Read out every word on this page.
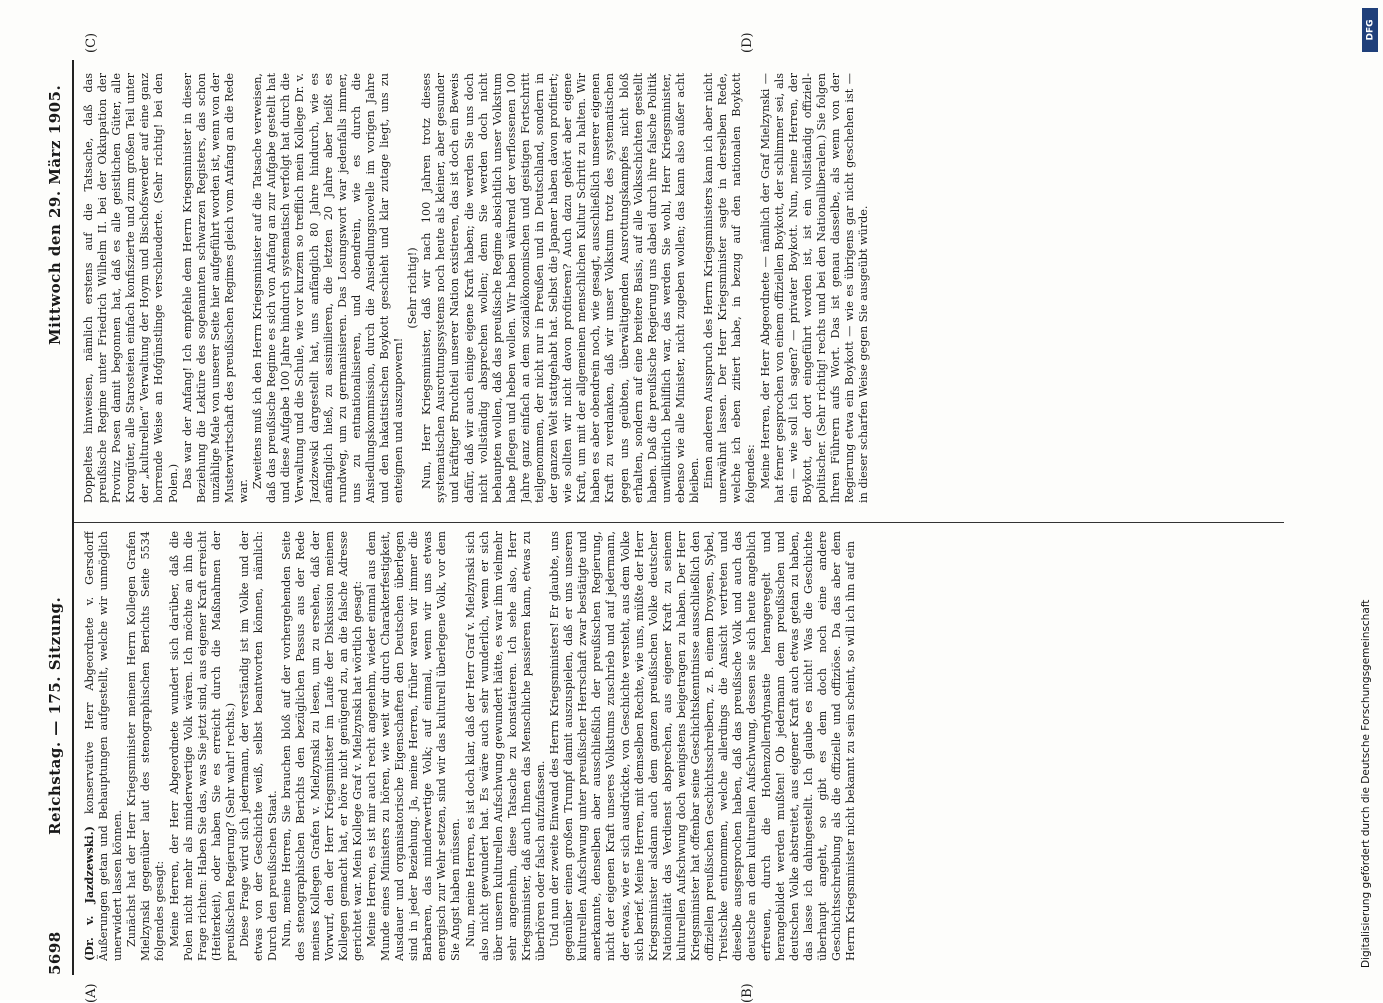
5698
Reichstag. — 175. Sitzung.
Mittwoch den 29. März 1905.
(A)	(B)
(C)	(D)

(Dr. v. Jazdzewski.) konservative Herr Abgeordnete v. Gersdorff Äußerungen getan und Behauptungen aufgestellt, welche wir unmöglich unerwidert lassen können. Zunächst hat der Herr Kriegsminister meinem Herrn Kollegen Grafen Mielzynski gegenüber laut des stenographischen Berichts Seite 5534 folgendes gesagt: Meine Herren, der Herr Abgeordnete wundert sich darüber, daß die Polen nicht mehr als minderwertige Volk wären. Ich möchte an ihn die Frage richten: Haben Sie das, was Sie jetzt sind, aus eigener Kraft erreicht (Heiterkeit), oder haben Sie es erreicht durch die Maßnahmen der preußischen Regierung? (Sehr wahr! rechts.) Diese Frage wird sich jedermann, der verständig ist im Volke und der etwas von der Geschichte weiß, selbst beantworten können, nämlich: Durch den preußischen Staat. Nun, meine Herren, Sie brauchen bloß auf der vorhergehenden Seite des stenographischen Berichts den bezüglichen Passus aus der Rede meines Kollegen Grafen v. Mielzynski zu lesen, um zu ersehen, daß der Vorwurf, den der Herr Kriegsminister im Laufe der Diskussion meinem Kollegen gemacht hat, er höre nicht genügend zu, an die falsche Adresse gerichtet war. Mein Kollege Graf v. Mielzynski hat wörtlich gesagt: Meine Herren, es ist mir auch recht angenehm, wieder einmal aus dem Munde eines Ministers zu hören, wie weit wir durch Charakterfestigkeit, Ausdauer und organisatorische Eigenschaften den Deutschen überlegen sind in jeder Beziehung. Ja, meine Herren, früher waren wir immer die Barbaren, das minderwertige Volk; auf einmal, wenn wir uns etwas energisch zur Wehr setzen, sind wir das kulturell überlegene Volk, vor dem Sie Angst haben müssen. Nun, meine Herren, es ist doch klar, daß der Herr Graf v. Mielzynski sich also nicht gewundert hat. Es wäre auch sehr wunderlich, wenn er sich über unsern kulturellen Aufschwung gewundert hätte, es war ihm vielmehr sehr angenehm, diese Tatsache zu konstatieren. Ich sehe also, Herr Kriegsminister, daß auch Ihnen das Menschliche passieren kann, etwas zu überhören oder falsch aufzufassen. Und nun der zweite Einwand des Herrn Kriegsministers! Er glaubte, uns gegenüber einen großen Trumpf damit auszuspielen, daß er uns unseren kulturellen Aufschwung unter preußischer Herrschaft zwar bestätigte und anerkannte, denselben aber ausschließlich der preußischen Regierung, nicht der eigenen Kraft unseres Volkstums zuschrieb und auf jedermann, der etwas, wie er sich ausdrückte, von Geschichte versteht, aus dem Volke sich berief. Meine Herren, mit demselben Rechte, wie uns, müßte der Herr Kriegsminister alsdann auch dem ganzen preußischen Volke deutscher Nationalität das Verdienst absprechen, aus eigener Kraft zu seinem kulturellen Aufschwung doch wenigstens beigetragen zu haben. Der Herr Kriegsminister hat offenbar seine Geschichtskenntnisse ausschließlich den offiziellen preußischen Geschichtsschreibern, z. B. einem Droysen, Sybel, Treitschke entnommen, welche allerdings die Ansicht vertreten und dieselbe ausgesprochen haben, daß das preußische Volk und auch das deutsche an dem kulturellen Aufschwung, dessen sie sich heute angeblich erfreuen, durch die Hohenzollerndynastie herangeregelt und herangebildet werden mußten! Ob jedermann dem preußischen und deutschen Volke abstreitet, aus eigener Kraft auch etwas getan zu haben, das lasse ich dahingestellt. Ich glaube es nicht! Was die Geschichte überhaupt angeht, so gibt es dem doch noch eine andere Geschichtsschreibung als die offizielle und offiziöse. Da das aber dem Herrn Kriegsminister nicht bekannt zu sein scheint, so will ich ihn auf ein

Doppeltes hinweisen, nämlich erstens auf die Tatsache, daß das preußische Regime unter Friedrich Wilhelm II. bei der Okkupation der Provinz Posen damit begonnen hat, daß es alle geistlichen Güter, alle Krongüter, alle Starosteien einfach konfiszierte und zum großen Teil unter der „kulturellen“ Verwaltung der Hoym und Bischofswerder auf eine ganz horrende Weise an Hofgünstlinge verschleuderte. (Sehr richtig! bei den Polen.) Das war der Anfang! Ich empfehle dem Herrn Kriegsminister in dieser Beziehung die Lektüre des sogenannten schwarzen Registers, das schon unzählige Male von unserer Seite hier aufgeführt worden ist, wenn von der Musterwirtschaft des preußischen Regimes gleich vom Anfang an die Rede war.

Zweitens muß ich den Herrn Kriegsminister auf die Tatsache verweisen, daß das preußische Regime es sich von Anfang an zur Aufgabe gestellt hat und diese Aufgabe 100 Jahre hindurch systematisch verfolgt hat durch die Verwaltung und die Schule, wie vor kurzem so trefflich mein Kollege Dr. v. Jazdzewski dargestellt hat, uns anfänglich 80 Jahre hindurch, wie es anfänglich hieß, zu assimilieren, die letzten 20 Jahre aber heißt es rundweg, um zu germanisieren. Das Losungswort war jedenfalls immer, uns zu entnationalisieren, und obendrein, wie es durch die Ansiedlungskommission, durch die Ansiedlungsnovelle im vorigen Jahre und den hakatistischen Boykott geschieht und klar zutage liegt, uns zu enteignen und auszupowern!

(Sehr richtig!) Nun, Herr Kriegsminister, daß wir nach 100 Jahren trotz dieses systematischen Ausrottungssystems noch heute als kleiner, aber gesunder und kräftiger Bruchteil unserer Nation existieren, das ist doch ein Beweis dafür, daß wir auch einige eigene Kraft haben; die werden Sie uns doch nicht vollständig absprechen wollen; denn Sie werden doch nicht behaupten wollen, daß das preußische Regime absichtlich unser Volkstum habe pflegen und heben wollen. Wir haben während der verflossenen 100 Jahre ganz einfach an dem sozialökonomischen und geistigen Fortschritt teilgenommen, der nicht nur in Preußen und in Deutschland, sondern in der ganzen Welt stattgehabt hat. Selbst die Japaner haben davon profitiert; wie sollten wir nicht davon profitieren? Auch dazu gehört aber eigene Kraft, um mit der allgemeinen menschlichen Kultur Schritt zu halten. Wir haben es aber obendrein noch, wie gesagt, ausschließlich unserer eigenen Kraft zu verdanken, daß wir unser Volkstum trotz des systematischen gegen uns geübten, überwältigenden Ausrottungskampfes nicht bloß erhalten, sondern auf eine breitere Basis, auf alle Volksschichten gestellt haben. Daß die preußische Regierung uns dabei durch ihre falsche Politik unwillkürlich behilflich war, das werden Sie wohl, Herr Kriegsminister, ebenso wie alle Minister, nicht zugeben wollen; das kann also außer acht bleiben. Einen anderen Ausspruch des Herrn Kriegsministers kann ich aber nicht unerwähnt lassen. Der Herr Kriegsminister sagte in derselben Rede, welche ich eben zitiert habe, in bezug auf den nationalen Boykott folgendes: Meine Herren, der Herr Abgeordnete — nämlich der Graf Mielzynski — hat ferner gesprochen von einem offiziellen Boykott, der schlimmer sei, als ein — wie soll ich sagen? — privater Boykott. Nun, meine Herren, der Boykott, der dort eingeführt worden ist, ist ein vollständig offiziell-politischer. (Sehr richtig! rechts und bei den Nationalliberalen.) Sie folgen Ihren Führern aufs Wort. Das ist genau dasselbe, als wenn von der Regierung etwa ein Boykott — wie es übrigens gar nicht geschehen ist — in dieser scharfen Weise gegen Sie ausgeübt würde.

DFG
Digitalisierung gefördert durch die Deutsche Forschungsgemeinschaft
